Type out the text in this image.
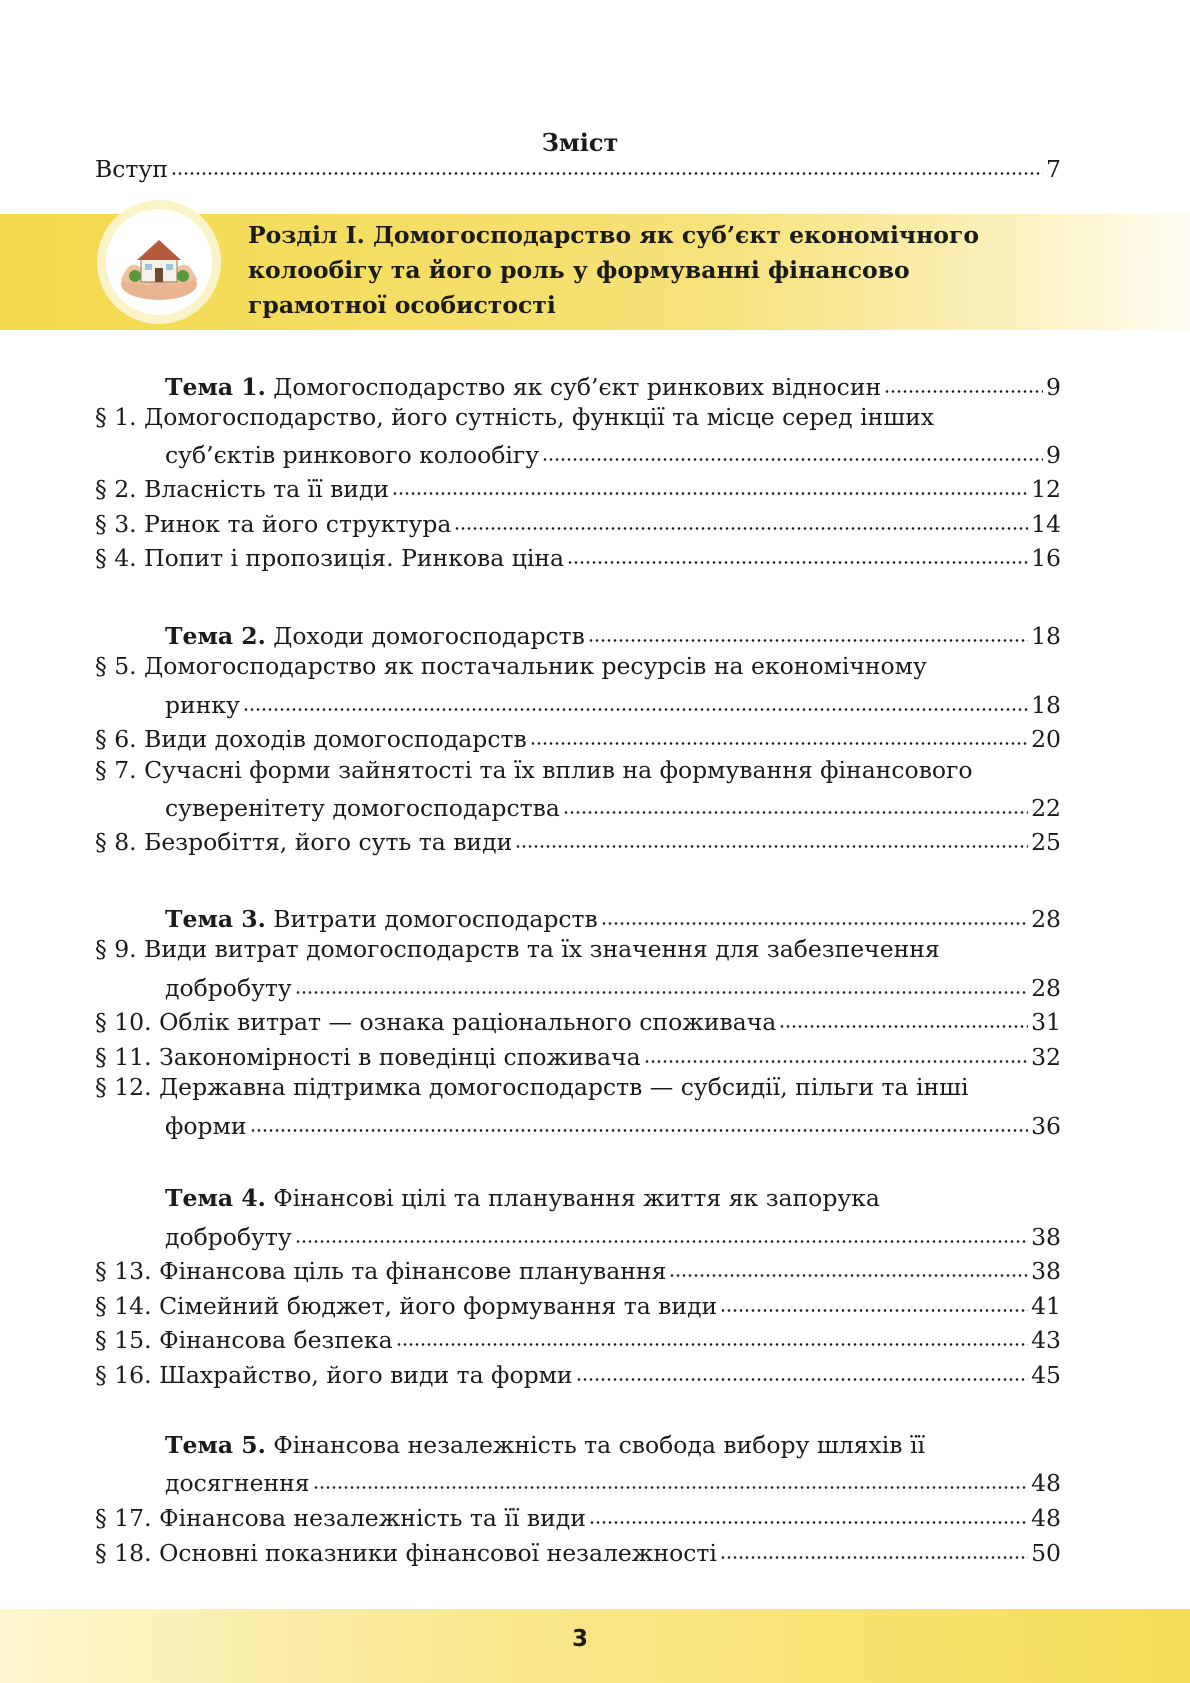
Зміст
Вступ	7
Розділ І. Домогосподарство як суб’єкт економічного колообігу та його роль у формуванні фінансово грамотної особистості
Тема 1. Домогосподарство як суб’єкт ринкових відносин	9
§ 1. Домогосподарство, його сутність, функції та місце серед інших
суб’єктів ринкового колообігу	9
§ 2. Власність та її види	12
§ 3. Ринок та його структура	14
§ 4. Попит і пропозиція. Ринкова ціна	16
Тема 2. Доходи домогосподарств	18
§ 5. Домогосподарство як постачальник ресурсів на економічному
ринку	18
§ 6. Види доходів домогосподарств	20
§ 7. Сучасні форми зайнятості та їх вплив на формування фінансового
суверенітету домогосподарства	22
§ 8. Безробіття, його суть та види	25
Тема 3. Витрати домогосподарств	28
§ 9. Види витрат домогосподарств та їх значення для забезпечення
добробуту	28
§ 10. Облік витрат — ознака раціонального споживача	31
§ 11. Закономірності в поведінці споживача	32
§ 12. Державна підтримка домогосподарств — субсидії, пільги та інші
форми	36
Тема 4. Фінансові цілі та планування життя як запорука
добробуту	38
§ 13. Фінансова ціль та фінансове планування	38
§ 14. Сімейний бюджет, його формування та види	41
§ 15. Фінансова безпека	43
§ 16. Шахрайство, його види та форми	45
Тема 5. Фінансова незалежність та свобода вибору шляхів її
досягнення	48
§ 17. Фінансова незалежність та її види	48
§ 18. Основні показники фінансової незалежності	50
3
